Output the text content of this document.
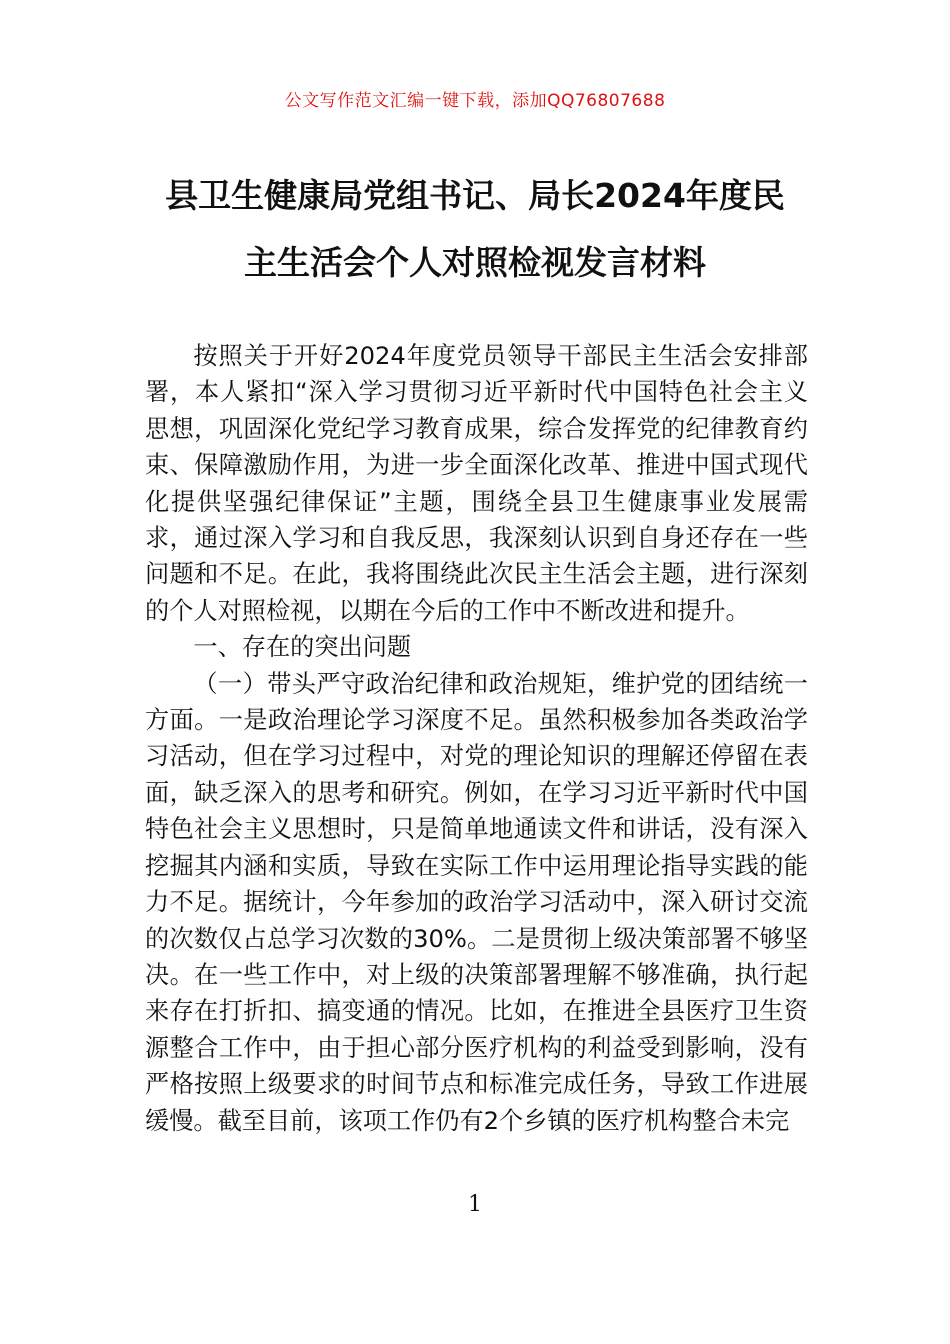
公文写作范文汇编一键下载，添加QQ76807688
县卫生健康局党组书记、局长2024年度民
主生活会个人对照检视发言材料

按照关于开好2024年度党员领导干部民主生活会安排部署，本人紧扣“深入学习贯彻习近平新时代中国特色社会主义思想，巩固深化党纪学习教育成果，综合发挥党的纪律教育约束、保障激励作用，为进一步全面深化改革、推进中国式现代化提供坚强纪律保证”主题，围绕全县卫生健康事业发展需求，通过深入学习和自我反思，我深刻认识到自身还存在一些问题和不足。在此，我将围绕此次民主生活会主题，进行深刻的个人对照检视，以期在今后的工作中不断改进和提升。

一、存在的突出问题

（一）带头严守政治纪律和政治规矩，维护党的团结统一方面。一是政治理论学习深度不足。虽然积极参加各类政治学习活动，但在学习过程中，对党的理论知识的理解还停留在表面，缺乏深入的思考和研究。例如，在学习习近平新时代中国特色社会主义思想时，只是简单地通读文件和讲话，没有深入挖掘其内涵和实质，导致在实际工作中运用理论指导实践的能力不足。据统计，今年参加的政治学习活动中，深入研讨交流的次数仅占总学习次数的30%。二是贯彻上级决策部署不够坚决。在一些工作中，对上级的决策部署理解不够准确，执行起来存在打折扣、搞变通的情况。比如，在推进全县医疗卫生资源整合工作中，由于担心部分医疗机构的利益受到影响，没有严格按照上级要求的时间节点和标准完成任务，导致工作进展缓慢。截至目前，该项工作仍有2个乡镇的医疗机构整合未完

1
